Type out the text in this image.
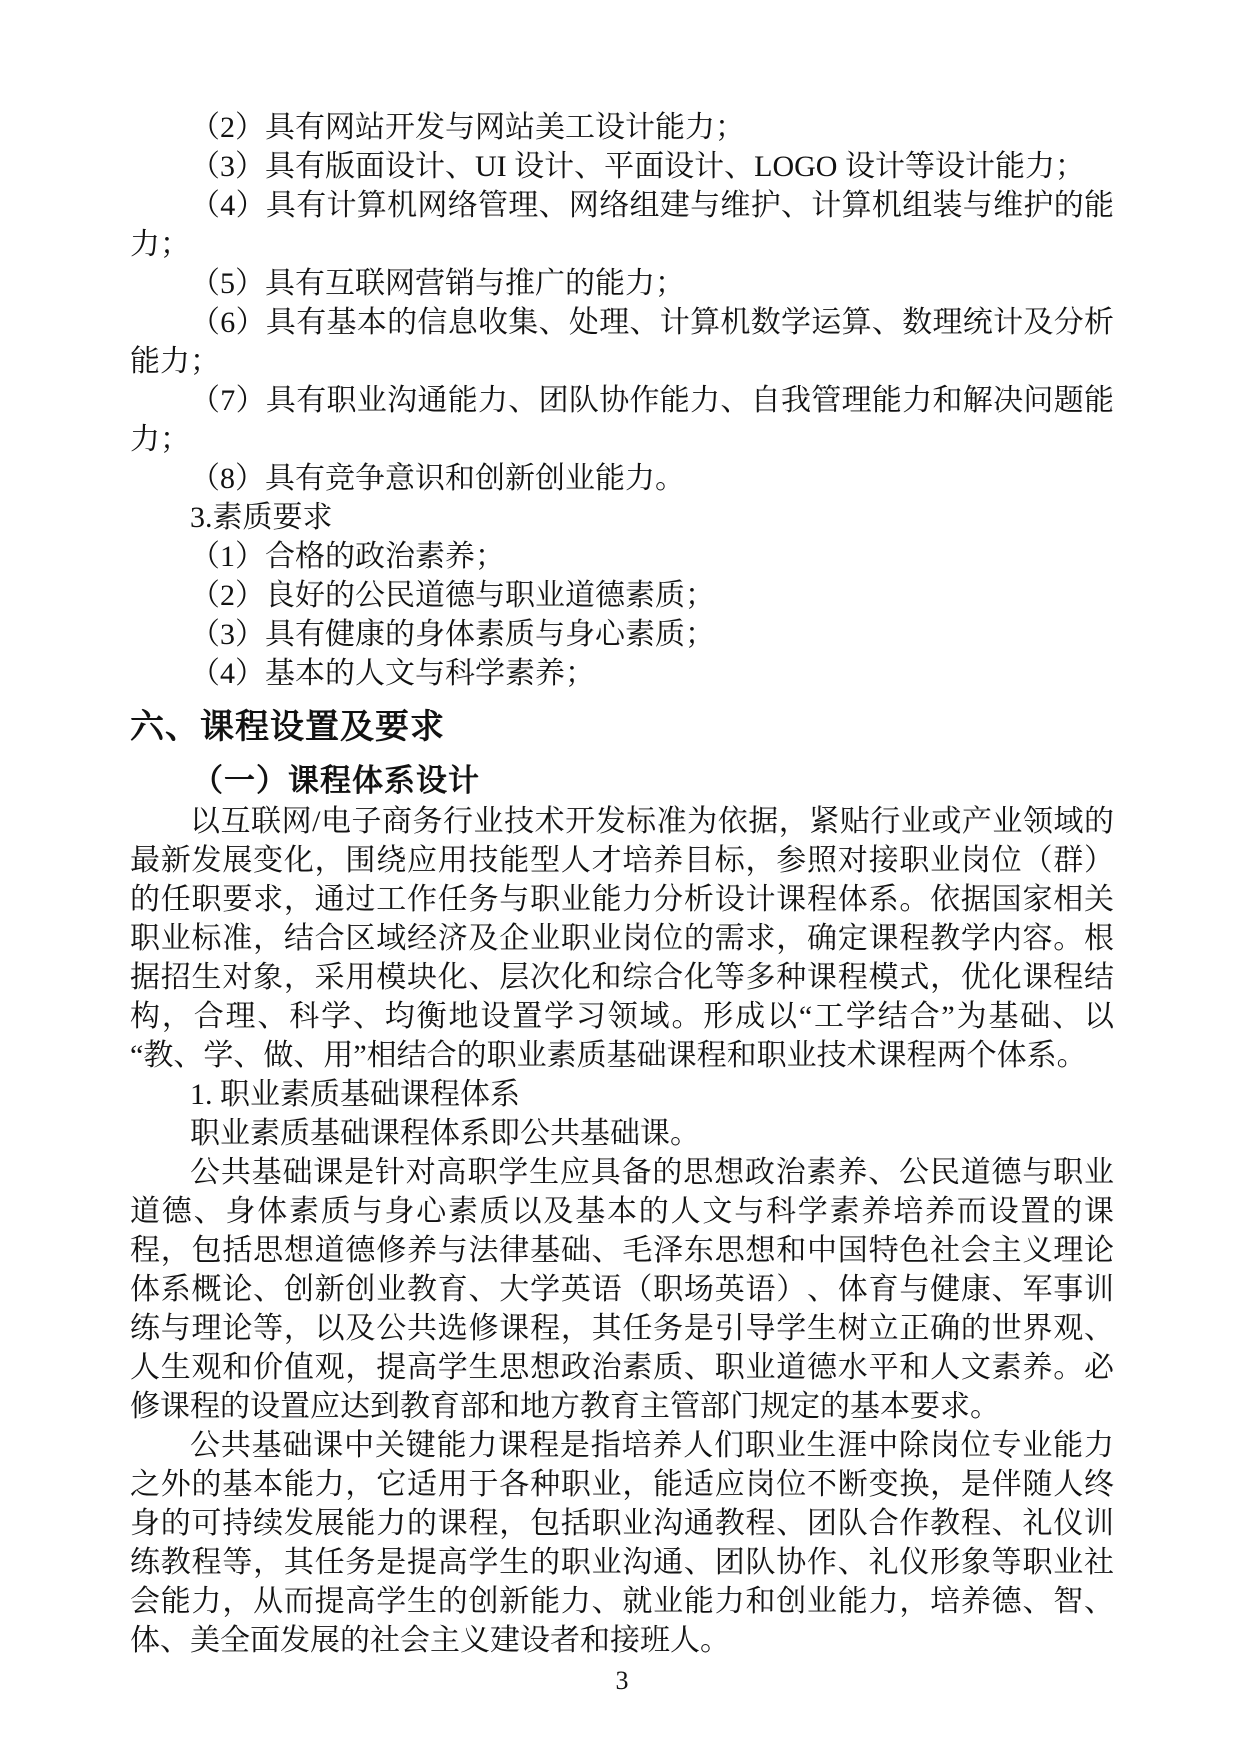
（2）具有网站开发与网站美工设计能力；

（3）具有版面设计、UI 设计、平面设计、LOGO 设计等设计能力；

（4）具有计算机网络管理、网络组建与维护、计算机组装与维护的能力；

（5）具有互联网营销与推广的能力；

（6）具有基本的信息收集、处理、计算机数学运算、数理统计及分析能力；

（7）具有职业沟通能力、团队协作能力、自我管理能力和解决问题能力；

（8）具有竞争意识和创新创业能力。

3.素质要求

（1）合格的政治素养；

（2）良好的公民道德与职业道德素质；

（3）具有健康的身体素质与身心素质；

（4）基本的人文与科学素养；

六、课程设置及要求

（一）课程体系设计

以互联网/电子商务行业技术开发标准为依据，紧贴行业或产业领域的最新发展变化，围绕应用技能型人才培养目标，参照对接职业岗位（群）的任职要求，通过工作任务与职业能力分析设计课程体系。依据国家相关职业标准，结合区域经济及企业职业岗位的需求，确定课程教学内容。根据招生对象，采用模块化、层次化和综合化等多种课程模式，优化课程结构，合理、科学、均衡地设置学习领域。形成以“工学结合”为基础、以“教、学、做、用”相结合的职业素质基础课程和职业技术课程两个体系。

1. 职业素质基础课程体系

职业素质基础课程体系即公共基础课。

公共基础课是针对高职学生应具备的思想政治素养、公民道德与职业道德、身体素质与身心素质以及基本的人文与科学素养培养而设置的课程，包括思想道德修养与法律基础、毛泽东思想和中国特色社会主义理论体系概论、创新创业教育、大学英语（职场英语）、体育与健康、军事训练与理论等，以及公共选修课程，其任务是引导学生树立正确的世界观、人生观和价值观，提高学生思想政治素质、职业道德水平和人文素养。必修课程的设置应达到教育部和地方教育主管部门规定的基本要求。

公共基础课中关键能力课程是指培养人们职业生涯中除岗位专业能力之外的基本能力，它适用于各种职业，能适应岗位不断变换，是伴随人终身的可持续发展能力的课程，包括职业沟通教程、团队合作教程、礼仪训练教程等，其任务是提高学生的职业沟通、团队协作、礼仪形象等职业社会能力，从而提高学生的创新能力、就业能力和创业能力，培养德、智、体、美全面发展的社会主义建设者和接班人。

3
